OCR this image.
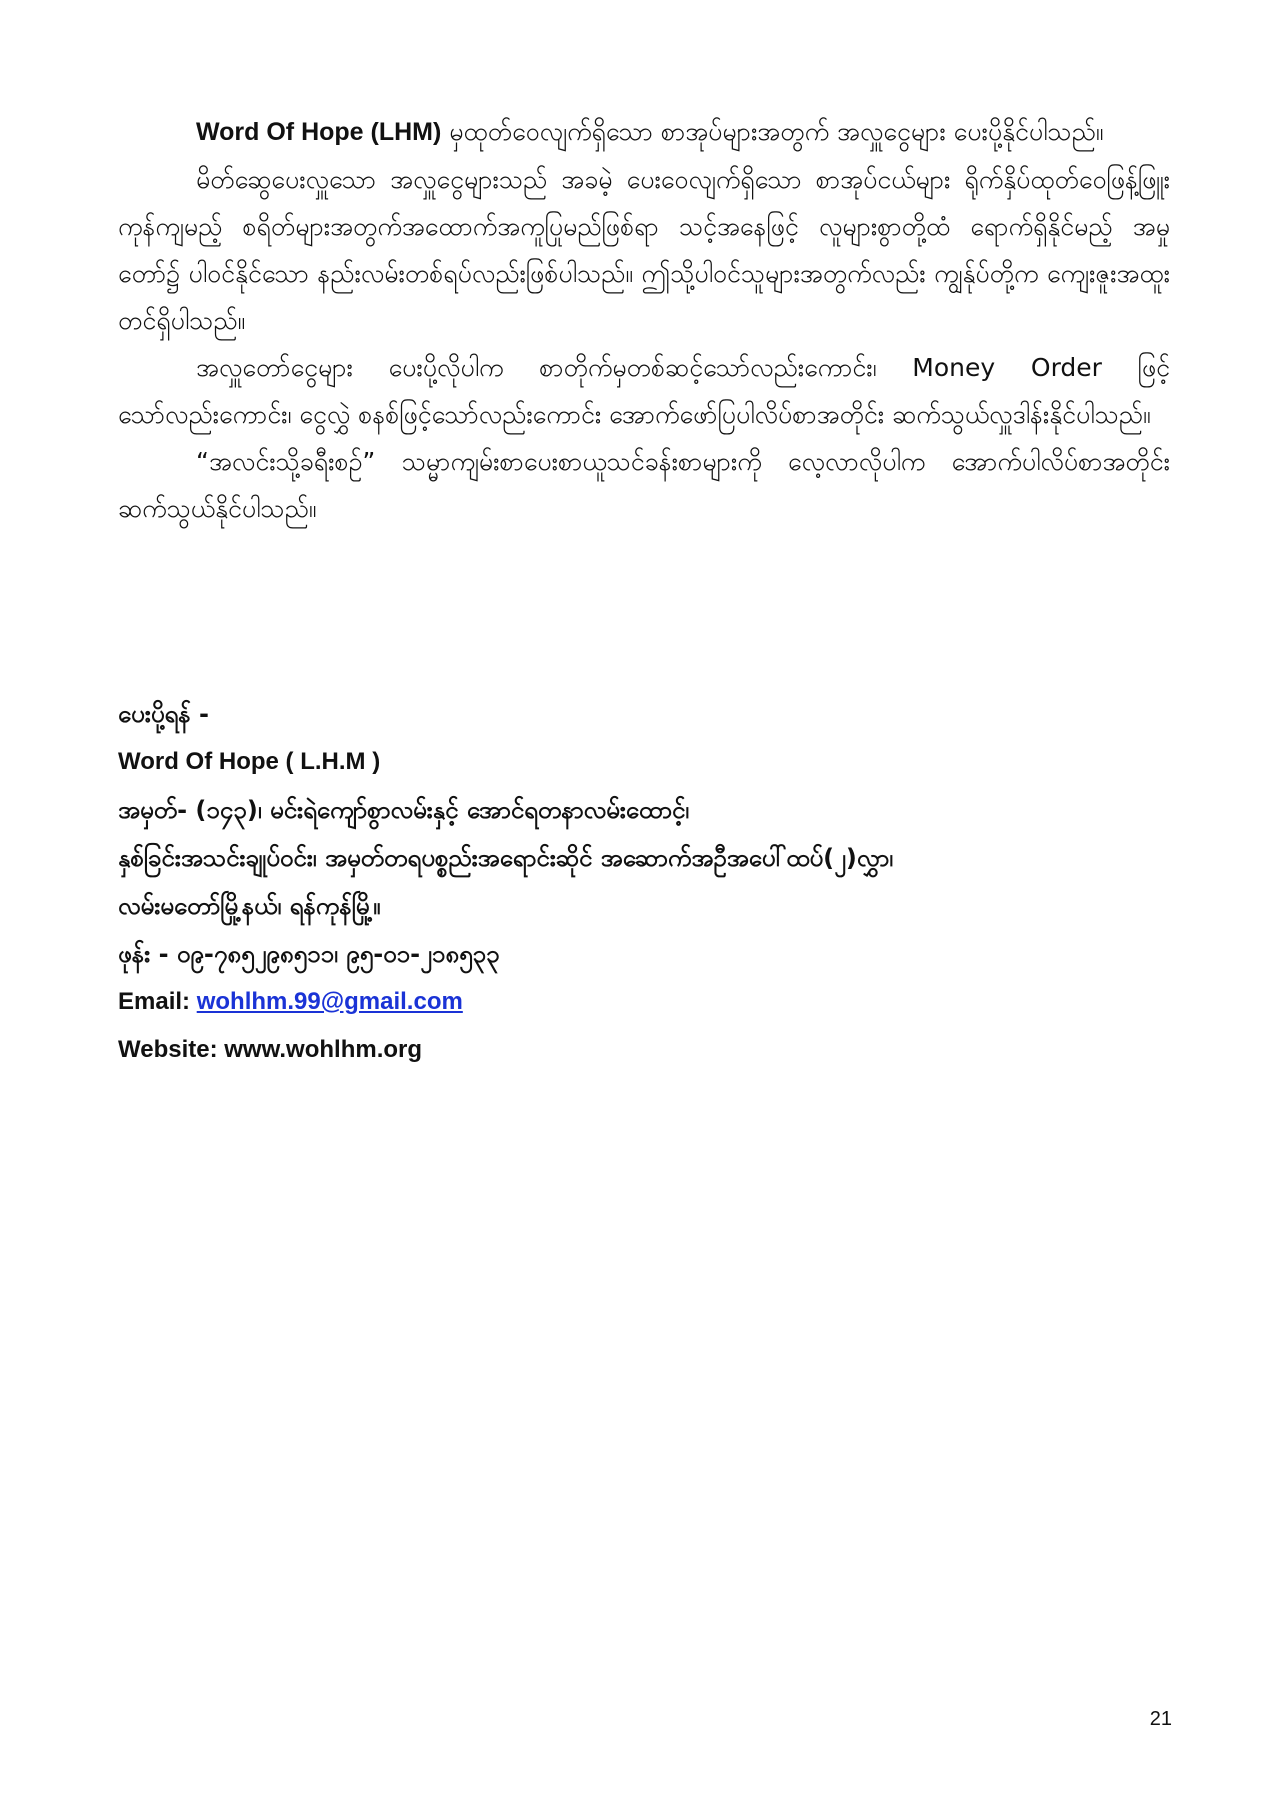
Word Of Hope (LHM) မှထုတ်ဝေလျက်ရှိသော စာအုပ်များအတွက် အလှူငွေများ ပေးပို့နိုင်ပါသည်။

မိတ်ဆွေပေးလှူသော အလှူငွေများသည် အခမဲ့ ပေးဝေလျက်ရှိသော စာအုပ်ငယ်များ ရိုက်နှိပ်ထုတ်ဝေဖြန့်ဖြူးကုန်ကျမည့် စရိတ်များအတွက်အထောက်အကူပြုမည်ဖြစ်ရာ သင့်အနေဖြင့် လူများစွာတို့ထံ ရောက်ရှိနိုင်မည့် အမှုတော်၌ ပါဝင်နိုင်သော နည်းလမ်းတစ်ရပ်လည်းဖြစ်ပါသည်။ ဤသို့ပါဝင်သူများအတွက်လည်း ကျွန်ုပ်တို့က ကျေးဇူးအထူးတင်ရှိပါသည်။

အလှူတော်ငွေများ ပေးပို့လိုပါက စာတိုက်မှတစ်ဆင့်သော်လည်းကောင်း၊ Money Order ဖြင့်သော်လည်းကောင်း၊ ငွေလွှဲ စနစ်ဖြင့်သော်လည်းကောင်း အောက်ဖော်ပြပါလိပ်စာအတိုင်း ဆက်သွယ်လှူဒါန်းနိုင်ပါသည်။

“အလင်းသို့ခရီးစဉ်” သမ္မာကျမ်းစာပေးစာယူသင်ခန်းစာများကို လေ့လာလိုပါက အောက်ပါလိပ်စာအတိုင်း ဆက်သွယ်နိုင်ပါသည်။

ပေးပို့ရန် -
Word Of Hope ( L.H.M )
အမှတ်- (၁၄၃)၊ မင်းရဲကျော်စွာလမ်းနှင့် အောင်ရတနာလမ်းထောင့်၊
နှစ်ခြင်းအသင်းချုပ်ဝင်း၊ အမှတ်တရပစ္စည်းအရောင်းဆိုင် အဆောက်အဦအပေါ်ထပ်(၂)လွှာ၊
လမ်းမတော်မြို့နယ်၊ ရန်ကုန်မြို့။
ဖုန်း - ၀၉-၇၈၅၂၉၈၅၁၁၊ ၉၅-၀၁-၂၁၈၅၃၃
Email: wohlhm.99@gmail.com
Website: www.wohlhm.org
21
